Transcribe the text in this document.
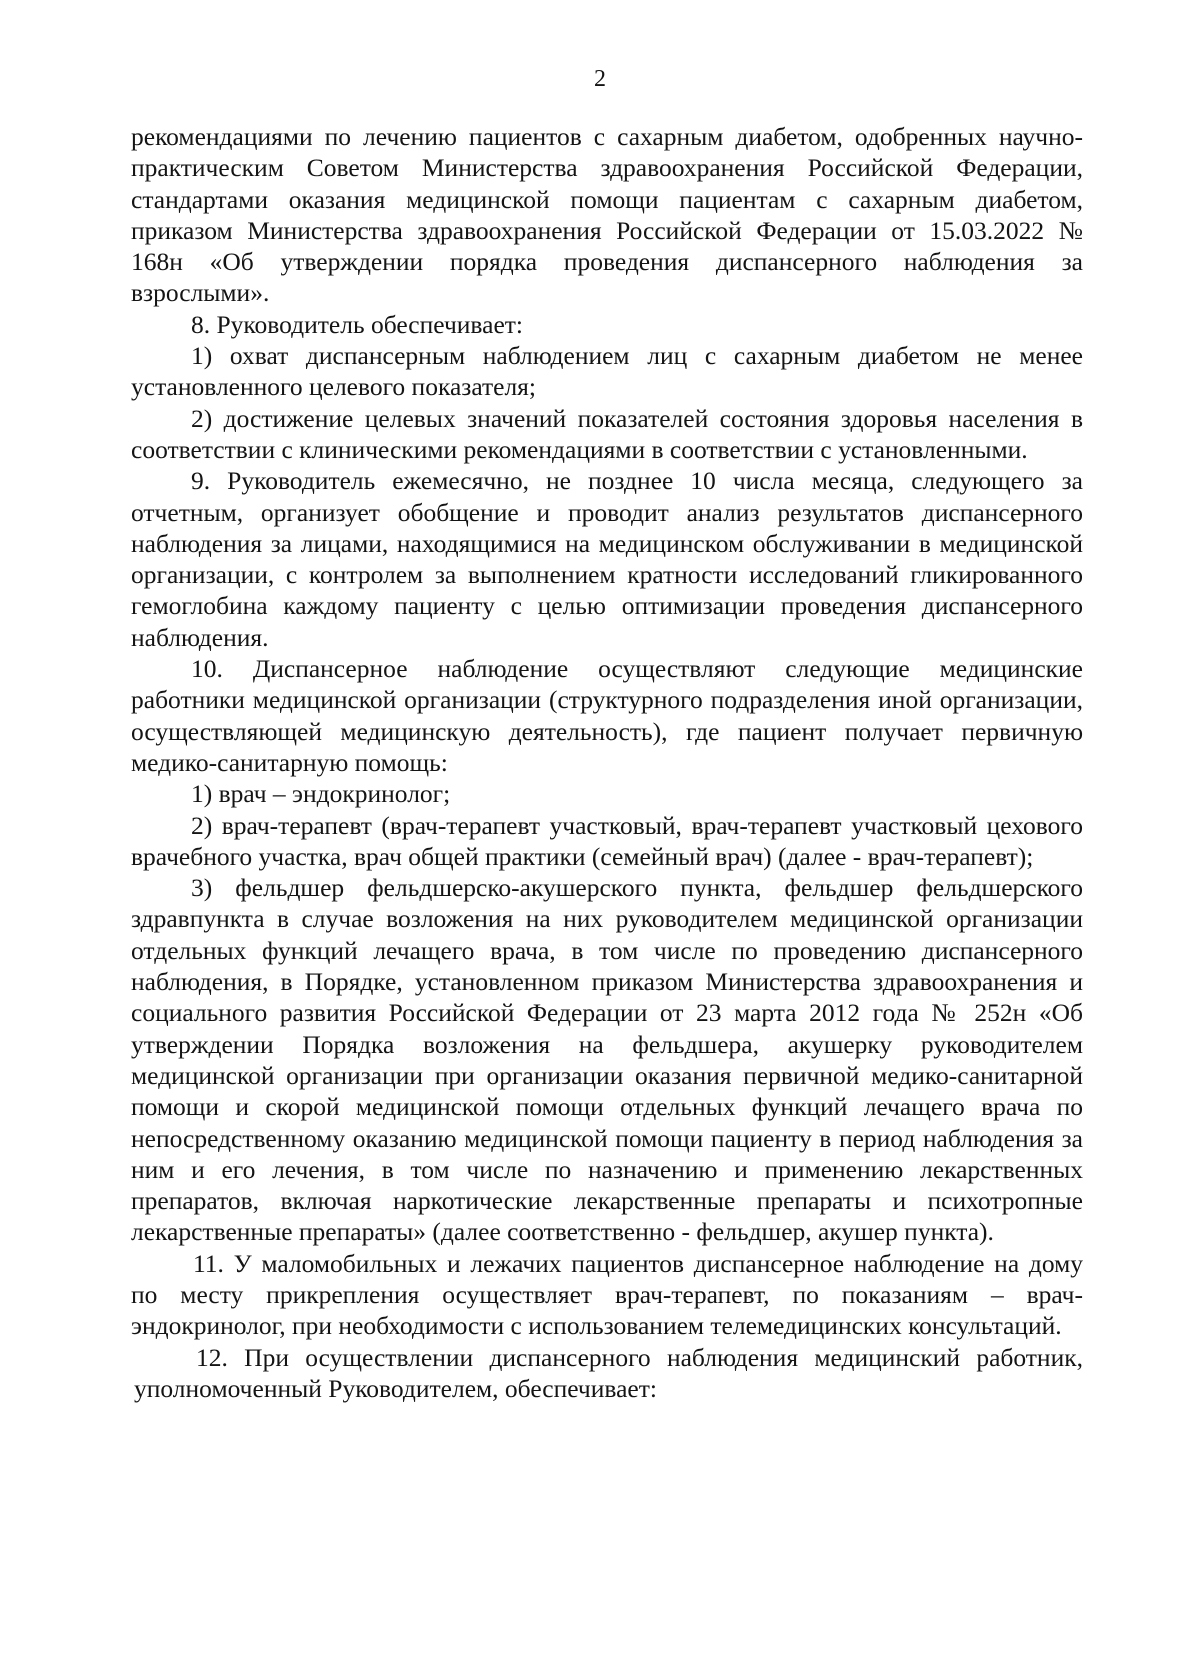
2

рекомендациями по лечению пациентов с сахарным диабетом, одобренных научно-практическим Советом Министерства здравоохранения Российской Федерации, стандартами оказания медицинской помощи пациентам с сахарным диабетом, приказом Министерства здравоохранения Российской Федерации от 15.03.2022 № 168н «Об утверждении порядка проведения диспансерного наблюдения за взрослыми».

8. Руководитель обеспечивает:

1) охват диспансерным наблюдением лиц с сахарным диабетом не менее установленного целевого показателя;

2) достижение целевых значений показателей состояния здоровья населения в соответствии с клиническими рекомендациями в соответствии с установленными.

9. Руководитель ежемесячно, не позднее 10 числа месяца, следующего за отчетным, организует обобщение и проводит анализ результатов диспансерного наблюдения за лицами, находящимися на медицинском обслуживании в медицинской организации, с контролем за выполнением кратности исследований гликированного гемоглобина каждому пациенту с целью оптимизации проведения диспансерного наблюдения.

10. Диспансерное наблюдение осуществляют следующие медицинские работники медицинской организации (структурного подразделения иной организации, осуществляющей медицинскую деятельность), где пациент получает первичную медико-санитарную помощь:

1) врач – эндокринолог;

2) врач-терапевт (врач-терапевт участковый, врач-терапевт участковый цехового врачебного участка, врач общей практики (семейный врач) (далее - врач-терапевт);

3) фельдшер фельдшерско-акушерского пункта, фельдшер фельдшерского здравпункта в случае возложения на них руководителем медицинской организации отдельных функций лечащего врача, в том числе по проведению диспансерного наблюдения, в Порядке, установленном приказом Министерства здравоохранения и социального развития Российской Федерации от 23 марта 2012 года № 252н «Об утверждении Порядка возложения на фельдшера, акушерку руководителем медицинской организации при организации оказания первичной медико-санитарной помощи и скорой медицинской помощи отдельных функций лечащего врача по непосредственному оказанию медицинской помощи пациенту в период наблюдения за ним и его лечения, в том числе по назначению и применению лекарственных препаратов, включая наркотические лекарственные препараты и психотропные лекарственные препараты» (далее соответственно - фельдшер, акушер пункта).

11. У маломобильных и лежачих пациентов диспансерное наблюдение на дому по месту прикрепления осуществляет врач-терапевт, по показаниям – врач-эндокринолог, при необходимости с использованием телемедицинских консультаций.

12. При осуществлении диспансерного наблюдения медицинский работник, уполномоченный Руководителем, обеспечивает:
